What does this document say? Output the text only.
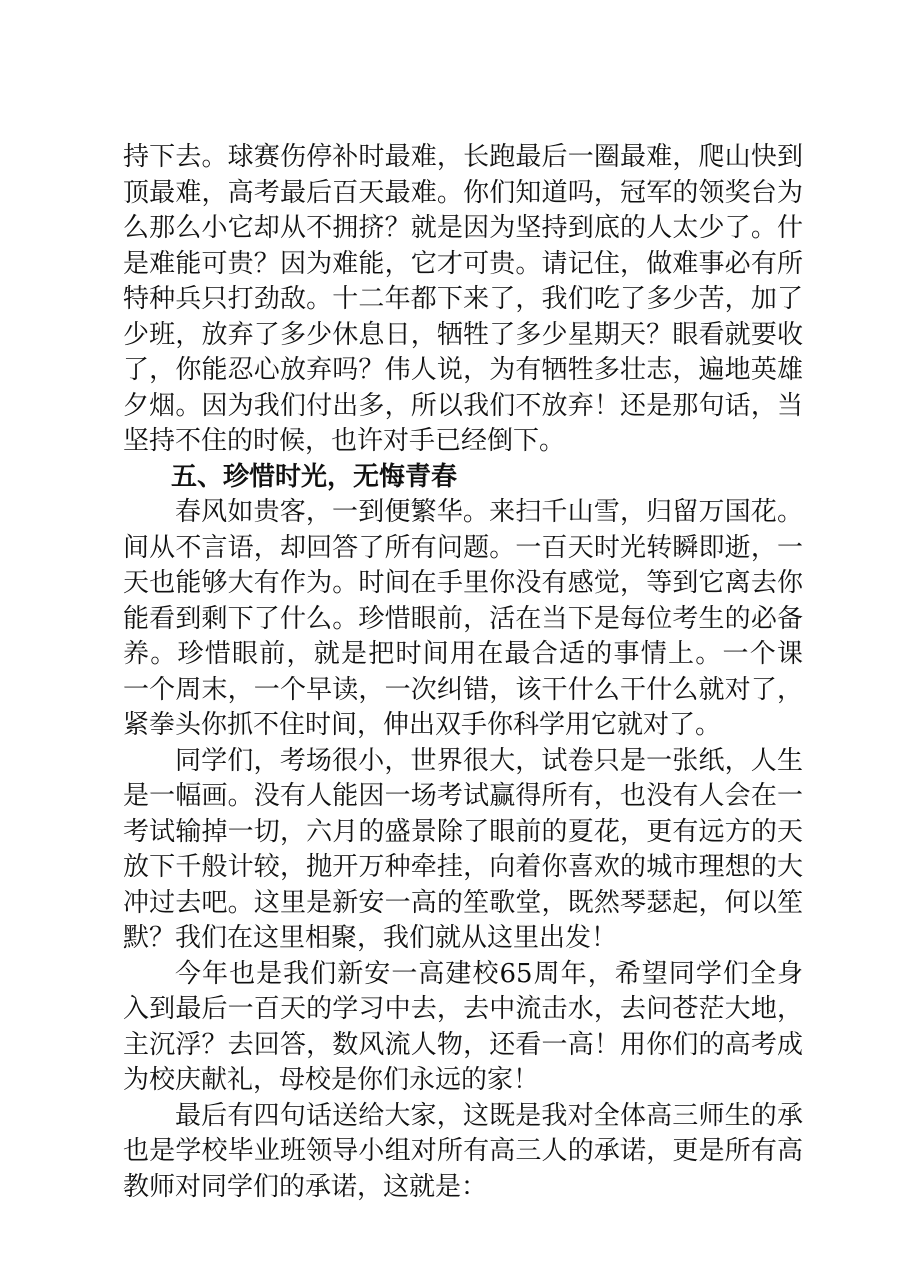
持下去。球赛伤停补时最难，长跑最后一圈最难，爬山快到
顶最难，高考最后百天最难。你们知道吗，冠军的领奖台为
么那么小它却从不拥挤？就是因为坚持到底的人太少了。什
是难能可贵？因为难能，它才可贵。请记住，做难事必有所
特种兵只打劲敌。十二年都下来了，我们吃了多少苦，加了
少班，放弃了多少休息日，牺牲了多少星期天？眼看就要收
了，你能忍心放弃吗？伟人说，为有牺牲多壮志，遍地英雄
夕烟。因为我们付出多，所以我们不放弃！还是那句话，当
坚持不住的时候，也许对手已经倒下。
五、珍惜时光，无悔青春
春风如贵客，一到便繁华。来扫千山雪，归留万国花。
间从不言语，却回答了所有问题。一百天时光转瞬即逝，一
天也能够大有作为。时间在手里你没有感觉，等到它离去你
能看到剩下了什么。珍惜眼前，活在当下是每位考生的必备
养。珍惜眼前，就是把时间用在最合适的事情上。一个课
一个周末，一个早读，一次纠错，该干什么干什么就对了，
紧拳头你抓不住时间，伸出双手你科学用它就对了。
同学们，考场很小，世界很大，试卷只是一张纸，人生
是一幅画。没有人能因一场考试赢得所有，也没有人会在一
考试输掉一切，六月的盛景除了眼前的夏花，更有远方的天
放下千般计较，抛开万种牵挂，向着你喜欢的城市理想的大
冲过去吧。这里是新安一高的笙歌堂，既然琴瑟起，何以笙
默？我们在这里相聚，我们就从这里出发！
今年也是我们新安一高建校65周年，希望同学们全身
入到最后一百天的学习中去，去中流击水，去问苍茫大地，
主沉浮？去回答，数风流人物，还看一高！用你们的高考成
为校庆献礼，母校是你们永远的家！
最后有四句话送给大家，这既是我对全体高三师生的承
也是学校毕业班领导小组对所有高三人的承诺，更是所有高
教师对同学们的承诺，这就是：
